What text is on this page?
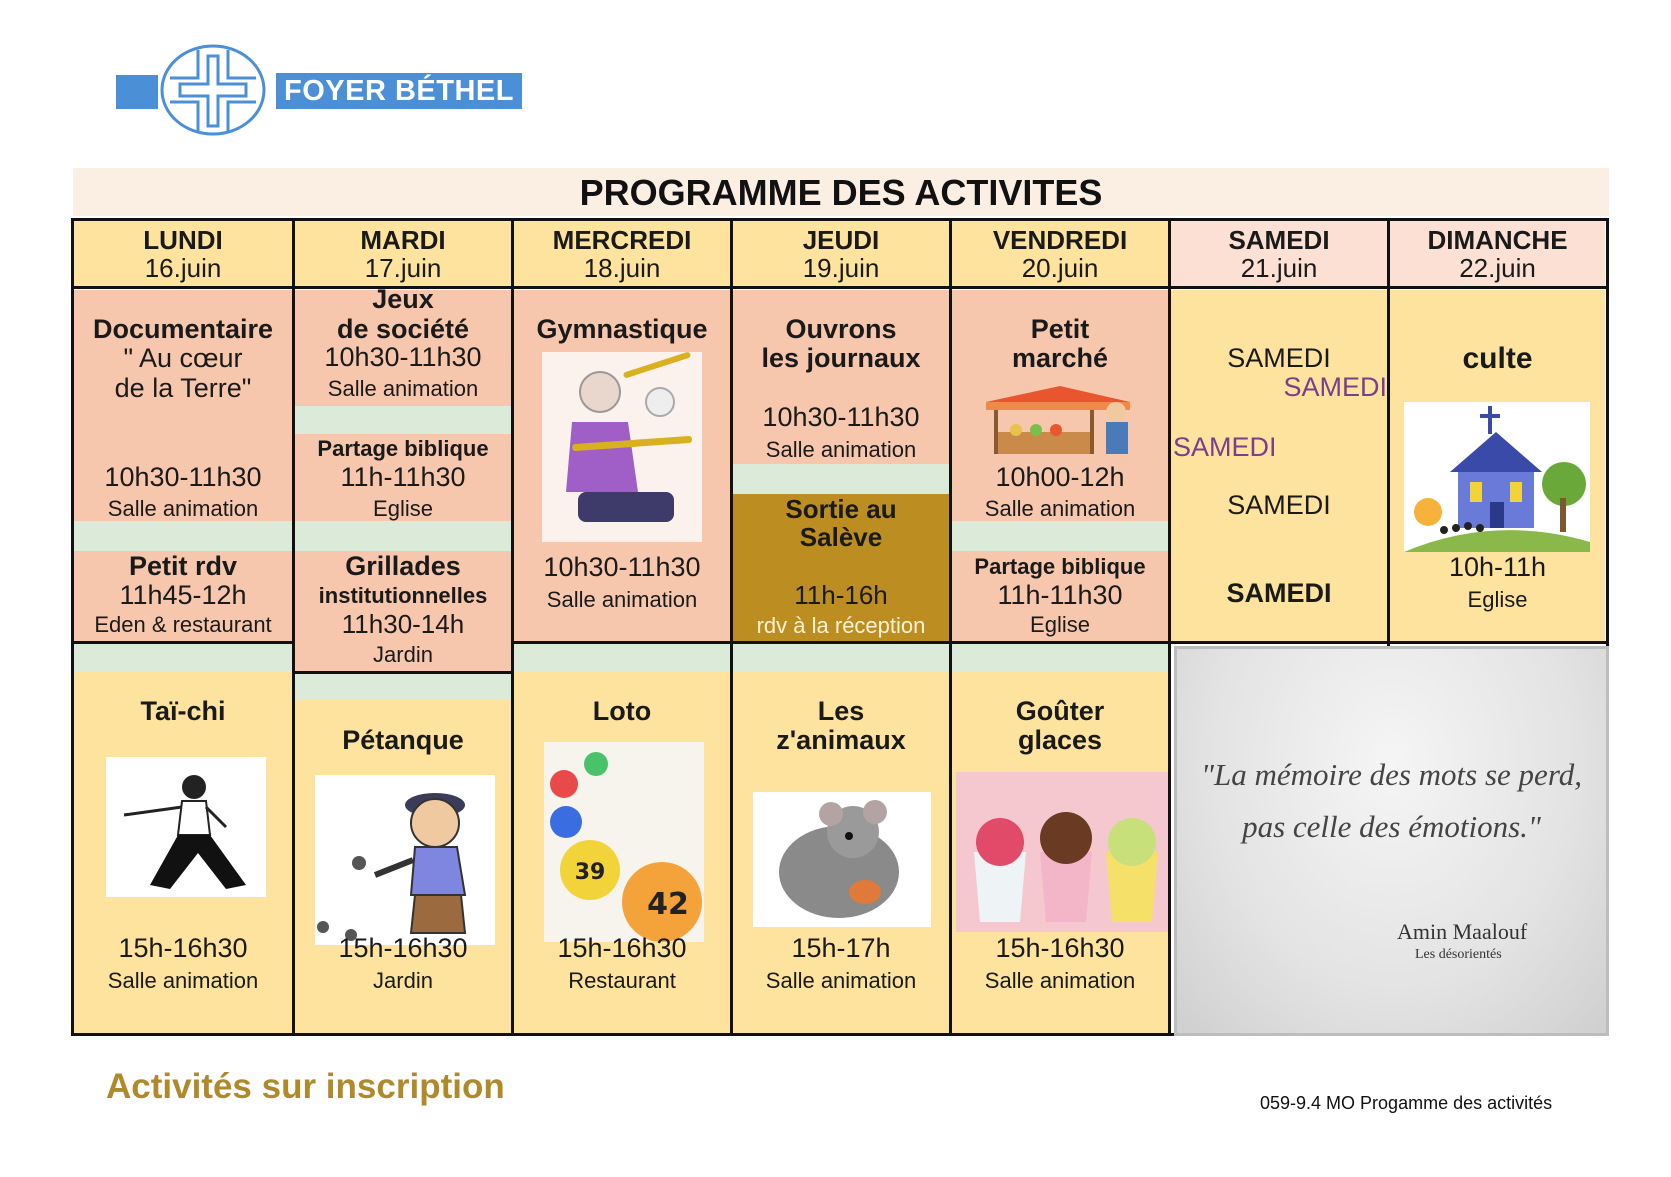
FOYER BÉTHEL
PROGRAMME DES ACTIVITES
LUNDI
16.juin
MARDI
17.juin
MERCREDI
18.juin
JEUDI
19.juin
VENDREDI
20.juin
SAMEDI
21.juin
DIMANCHE
22.juin
Documentaire
" Au cœur
de la Terre"
10h30-11h30
Salle animation
Petit rdv
11h45-12h
Eden & restaurant
Taï-chi
15h-16h30
Salle animation
Jeux
de société
10h30-11h30
Salle animation
Partage biblique
11h-11h30
Eglise
Grillades
institutionnelles
11h30-14h
Jardin
Pétanque
15h-16h30
Jardin
Gymnastique
10h30-11h30
Salle animation
Loto
39
42
15h-16h30
Restaurant
Ouvrons
les journaux
10h30-11h30
Salle animation
Sortie au
Salève
11h-16h
rdv à la réception
Les
z'animaux
15h-17h
Salle animation
Petit
marché
10h00-12h
Salle animation
Partage biblique
11h-11h30
Eglise
Goûter
glaces
15h-16h30
Salle animation
SAMEDI
SAMEDI
SAMEDI
SAMEDI
SAMEDI
culte
10h-11h
Eglise
"La mémoire des mots se perd,
pas celle des émotions."
Amin Maalouf
Les désorientés
Activités sur inscription	059-9.4 MO Progamme des activités
